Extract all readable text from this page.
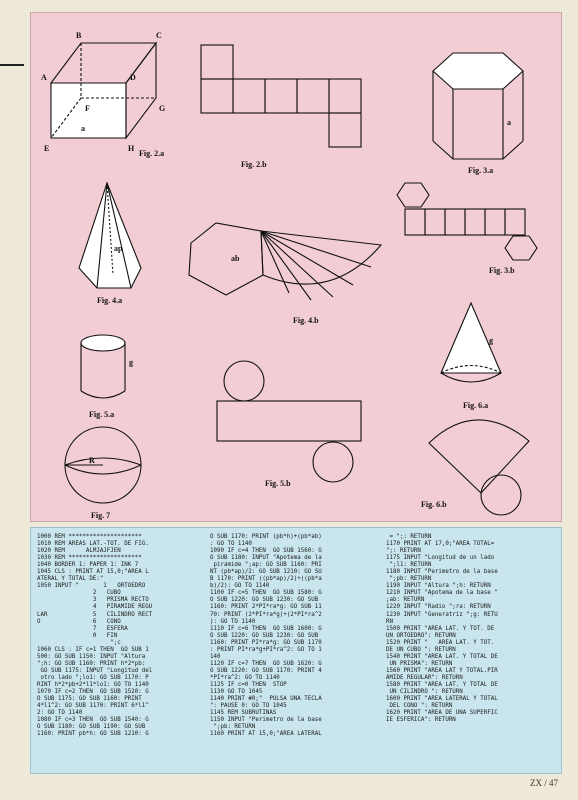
B	C
A	D
F	G
E	H
a
a
ap
ab
g
g
R
Fig. 2.a
Fig. 2.b
Fig. 3.a
Fig. 3.b
Fig. 4.a
Fig. 4.b
Fig. 5.a
Fig. 6.a
Fig. 5.b
Fig. 6.b
Fig. 7
1000 REM *********************
1010 REM AREAS LAT.-TOT. DE FIG.
1020 REM      ALMJAJFJEN
1030 REM *********************
1040 BORDER 1: PAPER 1: INK 7
1045 CLS : PRINT AT 15,0;"AREA L
ATERAL Y TOTAL DE:"
1050 INPUT "       1   ORTOEDRO
2   CUBO
3   PRISMA RECTO
4   PIRAMIDE REGU
LAR             5   CILINDRO RECT
O               6   CONO
7   ESFERA
0   FIN
";c
1060 CLS : IF c=1 THEN  GO SUB 1
500: GO SUB 1150: INPUT "Altura
";h: GO SUB 1160: PRINT h*2*pb:
GO SUB 1175: INPUT "Longitud del
otro lado ";lo1: GO SUB 1170: P
RINT h*2*pb+2*l1*lo1: GO TO 1140
1070 IF c=2 THEN  GO SUB 1520: G
O SUB 1175: GO SUB 1160: PRINT
4*l1^2: GO SUB 1170: PRINT 6*l1^
2: GO TO 1140
1080 IF c=3 THEN  GO SUB 1540: G
O SUB 1180: GO SUB 1190: GO SUB
1160: PRINT pb*h: GO SUB 1210: G
O SUB 1170: PRINT (pb*h)+(pb*ab)
: GO TO 1140
1090 IF c=4 THEN  GO SUB 1560: G
O SUB 1180: INPUT "Apotema de la
piramide ";ap: GO SUB 1160: PRI
NT (pb*ap)/2: GO SUB 1210: GO SU
B 1170: PRINT ((pb*ap)/2)+((pb*a
b)/2): GO TO 1140
1100 IF c=5 THEN  GO SUB 1580: G
O SUB 1220: GO SUB 1230: GO SUB
1160: PRINT 2*PI*ra*g: GO SUB 11
70: PRINT (2*PI*ra*g)+(2*PI*ra^2
): GO TO 1140
1110 IF c=6 THEN  GO SUB 1600: G
O SUB 1220: GO SUB 1230: GO SUB
1160: PRINT PI*ra*g: GO SUB 1170
: PRINT PI*ra*g+PI*ra^2: GO TO 1
140
1120 IF c=7 THEN  GO SUB 1620: G
O SUB 1220: GO SUB 1170: PRINT 4
*PI*ra^2: GO TO 1140
1125 IF c=0 THEN  STOP
1130 GO TO 1045
1140 PRINT #0;"  PULSA UNA TECLA
": PAUSE 0: GO TO 1045
1145 REM SUBRUTINAS
1150 INPUT "Perimetro de la base
";pb: RETURN
1160 PRINT AT 15,0;"AREA LATERAL
= ";: RETURN
1170 PRINT AT 17,0;"AREA TOTAL=
";: RETURN
1175 INPUT "Longitud de un lado
";l1: RETURN
1180 INPUT "Perimetro de la base
";pb: RETURN
1190 INPUT "Altura ";h: RETURN
1210 INPUT "Apotema de la base "
;ab: RETURN
1220 INPUT "Radio ";ra: RETURN
1230 INPUT "Generatriz ";g: RETU
RN
1500 PRINT "AREA LAT. Y TOT. DE
UN ORTOEDRO": RETURN
1520 PRINT "   AREA LAT. Y TOT.
DE UN CUBO ": RETURN
1540 PRINT "AREA LAT. Y TOTAL DE
UN PRISMA": RETURN
1560 PRINT "AREA LAT Y TOTAL.PIR
AMIDE REGULAR": RETURN
1580 PRINT "AREA LAT. Y TOTAL DE
UN CILINDRO ": RETURN
1600 PRINT "AREA LATERAL Y TOTAL
DEL CONO ": RETURN
1620 PRINT "AREA DE UNA SUPERFIC
IE ESFERICA": RETURN
ZX / 47
